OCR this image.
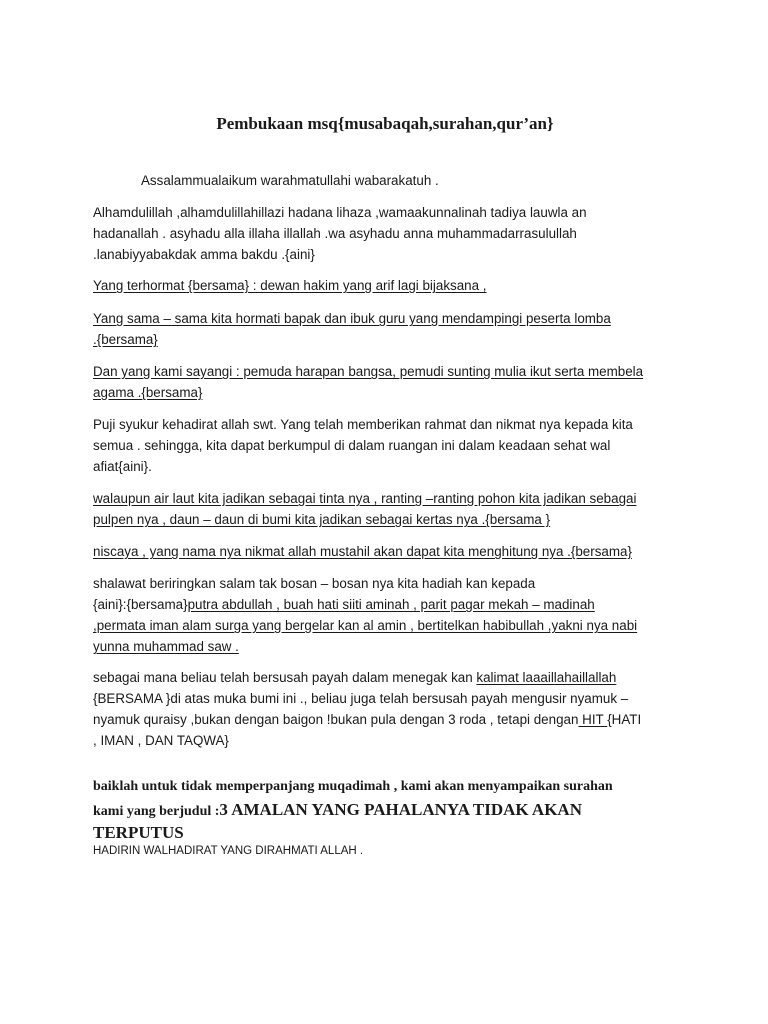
Pembukaan msq{musabaqah,surahan,qur’an}

Assalammualaikum warahmatullahi wabarakatuh .

Alhamdulillah ,alhamdulillahillazi hadana lihaza ,wamaakunnalinah tadiya lauwla an
hadanallah . asyhadu alla illaha illallah .wa asyhadu anna muhammadarrasulullah
.lanabiyyabakdak amma bakdu .{aini}

Yang terhormat {bersama} : dewan hakim yang arif lagi bijaksana ,

Yang sama – sama kita hormati bapak dan ibuk guru yang mendampingi peserta lomba
.{bersama}

Dan yang kami sayangi : pemuda harapan bangsa, pemudi sunting mulia ikut serta membela
agama .{bersama}

Puji syukur kehadirat allah swt. Yang telah memberikan rahmat dan nikmat nya kepada kita
semua . sehingga, kita dapat berkumpul di dalam ruangan ini dalam keadaan sehat wal
afiat{aini}.

walaupun air laut kita jadikan sebagai tinta nya , ranting –ranting pohon kita jadikan sebagai
pulpen nya , daun – daun di bumi kita jadikan sebagai kertas nya .{bersama }

niscaya , yang nama nya nikmat allah mustahil akan dapat kita menghitung nya .{bersama}

shalawat beriringkan salam tak bosan – bosan nya kita hadiah kan kepada
{aini}:{bersama}putra abdullah , buah hati siiti aminah , parit pagar mekah – madinah
,permata iman alam surga yang bergelar kan al amin , bertitelkan habibullah ,yakni nya nabi
yunna muhammad saw .

sebagai mana beliau telah bersusah payah dalam menegak kan kalimat laaaillahaillallah
{BERSAMA }di atas muka bumi ini ., beliau juga telah bersusah payah mengusir nyamuk –
nyamuk quraisy ,bukan dengan baigon !bukan pula dengan 3 roda , tetapi dengan HIT {HATI
, IMAN , DAN TAQWA}

baiklah untuk tidak memperpanjang muqadimah , kami akan menyampaikan surahan
kami yang berjudul :3 AMALAN YANG PAHALANYA TIDAK AKAN
TERPUTUS
HADIRIN WALHADIRAT YANG DIRAHMATI ALLAH .
